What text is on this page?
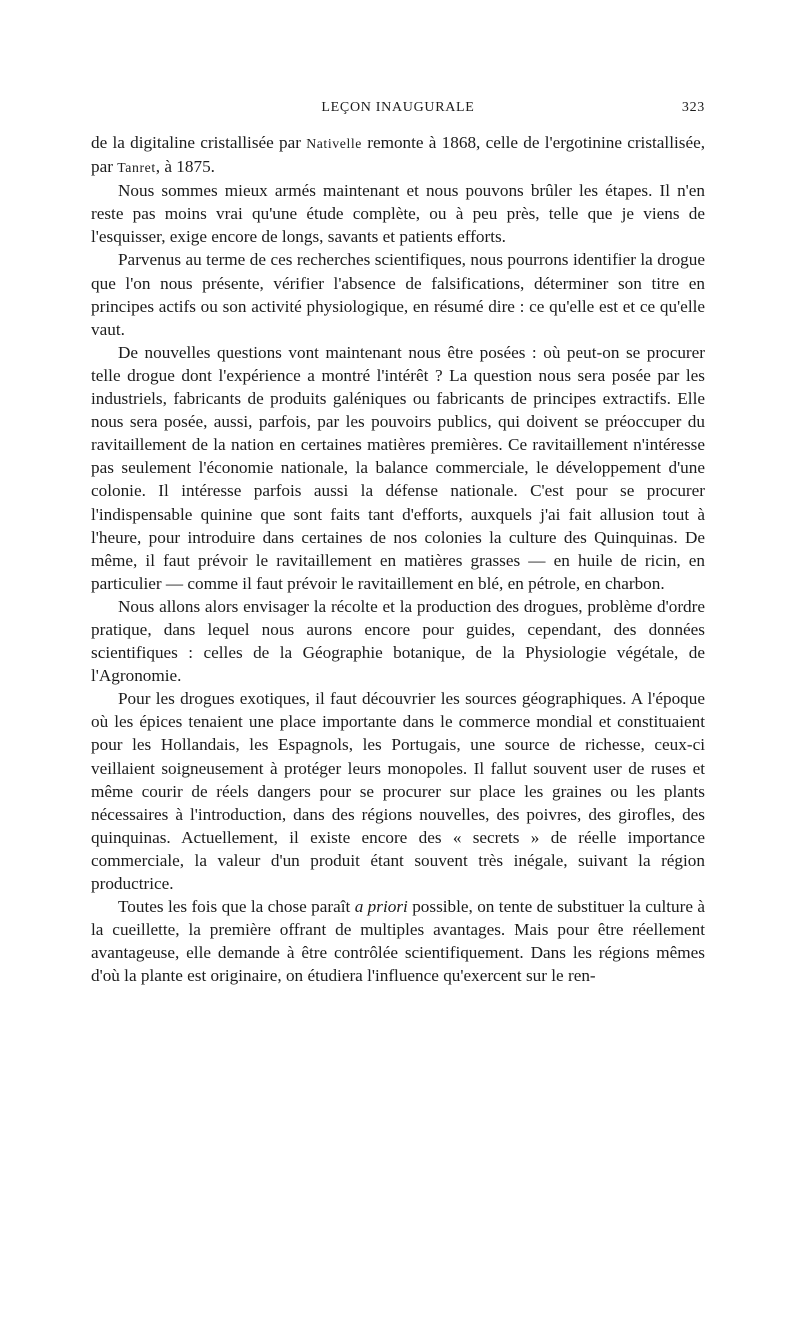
LEÇON INAUGURALE	323

de la digitaline cristallisée par Nativelle remonte à 1868, celle de l'ergotinine cristallisée, par Tanret, à 1875.

Nous sommes mieux armés maintenant et nous pouvons brûler les étapes. Il n'en reste pas moins vrai qu'une étude complète, ou à peu près, telle que je viens de l'esquisser, exige encore de longs, savants et patients efforts.

Parvenus au terme de ces recherches scientifiques, nous pourrons identifier la drogue que l'on nous présente, vérifier l'absence de falsifications, déterminer son titre en principes actifs ou son activité physiologique, en résumé dire : ce qu'elle est et ce qu'elle vaut.

De nouvelles questions vont maintenant nous être posées : où peut-on se procurer telle drogue dont l'expérience a montré l'intérêt ? La question nous sera posée par les industriels, fabricants de produits galéniques ou fabricants de principes extractifs. Elle nous sera posée, aussi, parfois, par les pouvoirs publics, qui doivent se préoccuper du ravitaillement de la nation en certaines matières premières. Ce ravitaillement n'intéresse pas seulement l'économie nationale, la balance commerciale, le développement d'une colonie. Il intéresse parfois aussi la défense nationale. C'est pour se procurer l'indispensable quinine que sont faits tant d'efforts, auxquels j'ai fait allusion tout à l'heure, pour introduire dans certaines de nos colonies la culture des Quinquinas. De même, il faut prévoir le ravitaillement en matières grasses — en huile de ricin, en particulier — comme il faut prévoir le ravitaillement en blé, en pétrole, en charbon.

Nous allons alors envisager la récolte et la production des drogues, problème d'ordre pratique, dans lequel nous aurons encore pour guides, cependant, des données scientifiques : celles de la Géographie botanique, de la Physiologie végétale, de l'Agronomie.

Pour les drogues exotiques, il faut découvrier les sources géographiques. A l'époque où les épices tenaient une place importante dans le commerce mondial et constituaient pour les Hollandais, les Espagnols, les Portugais, une source de richesse, ceux-ci veillaient soigneusement à protéger leurs monopoles. Il fallut souvent user de ruses et même courir de réels dangers pour se procurer sur place les graines ou les plants nécessaires à l'introduction, dans des régions nouvelles, des poivres, des girofles, des quinquinas. Actuellement, il existe encore des « secrets » de réelle importance commerciale, la valeur d'un produit étant souvent très inégale, suivant la région productrice.

Toutes les fois que la chose paraît a priori possible, on tente de substituer la culture à la cueillette, la première offrant de multiples avantages. Mais pour être réellement avantageuse, elle demande à être contrôlée scientifiquement. Dans les régions mêmes d'où la plante est originaire, on étudiera l'influence qu'exercent sur le ren-
